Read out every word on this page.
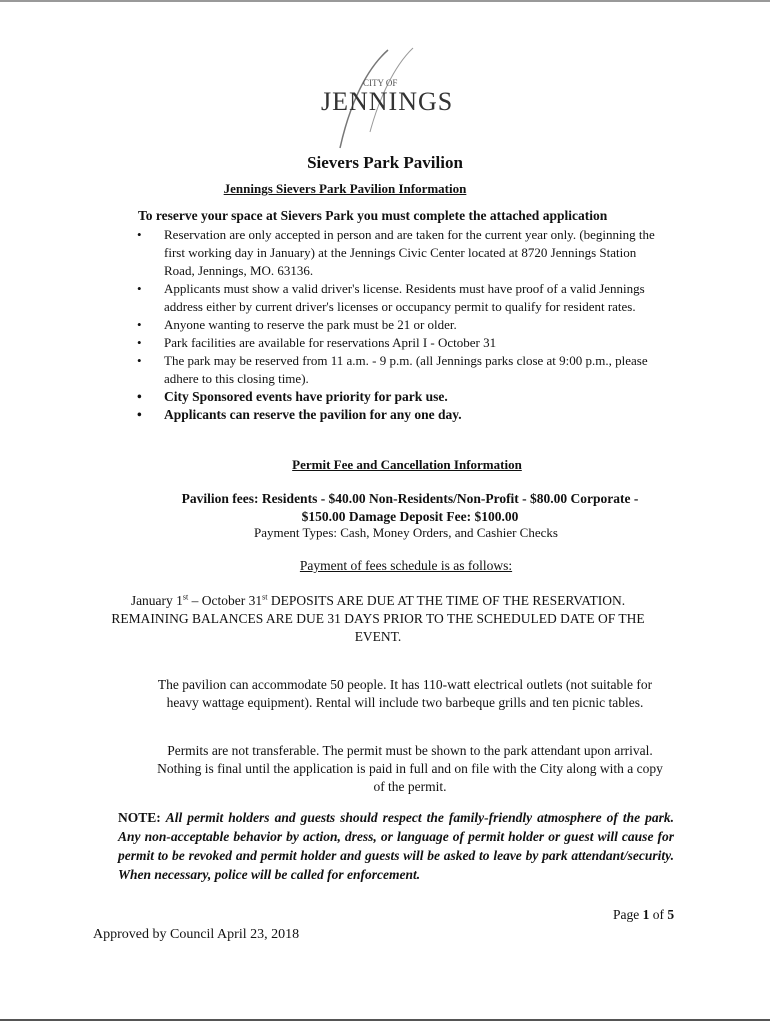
CITY OF
JENNINGS
Sievers Park Pavilion
Jennings Sievers Park Pavilion Information
To reserve your space at Sievers Park you must complete the attached application
•	Reservation are only accepted in person and are taken for the current year only. (beginning the first working day in January) at the Jennings Civic Center located at 8720 Jennings Station Road, Jennings, MO. 63136.
•	Applicants must show a valid driver's license. Residents must have proof of a valid Jennings address either by current driver's licenses or occupancy permit to qualify for resident rates.
•	Anyone wanting to reserve the park must be 21 or older.
•	Park facilities are available for reservations April I - October 31
•	The park may be reserved from 11 a.m. - 9 p.m. (all Jennings parks close at 9:00 p.m., please adhere to this closing time).
•	City Sponsored events have priority for park use.
•	Applicants can reserve the pavilion for any one day.
Permit Fee and Cancellation Information
Pavilion fees: Residents - $40.00 Non-Residents/Non-Profit - $80.00 Corporate -
$150.00 Damage Deposit Fee: $100.00
Payment Types: Cash, Money Orders, and Cashier Checks
Payment of fees schedule is as follows:
January 1st – October 31st DEPOSITS ARE DUE AT THE TIME OF THE RESERVATION. REMAINING BALANCES ARE DUE 31 DAYS PRIOR TO THE SCHEDULED DATE OF THE EVENT.
The pavilion can accommodate 50 people. It has 110-watt electrical outlets (not suitable for heavy wattage equipment). Rental will include two barbeque grills and ten picnic tables.
Permits are not transferable. The permit must be shown to the park attendant upon arrival. Nothing is final until the application is paid in full and on file with the City along with a copy of the permit.
NOTE: All permit holders and guests should respect the family-friendly atmosphere of the park. Any non-acceptable behavior by action, dress, or language of permit holder or guest will cause for permit to be revoked and permit holder and guests will be asked to leave by park attendant/security. When necessary, police will be called for enforcement.
Page 1 of 5
Approved by Council April 23, 2018
